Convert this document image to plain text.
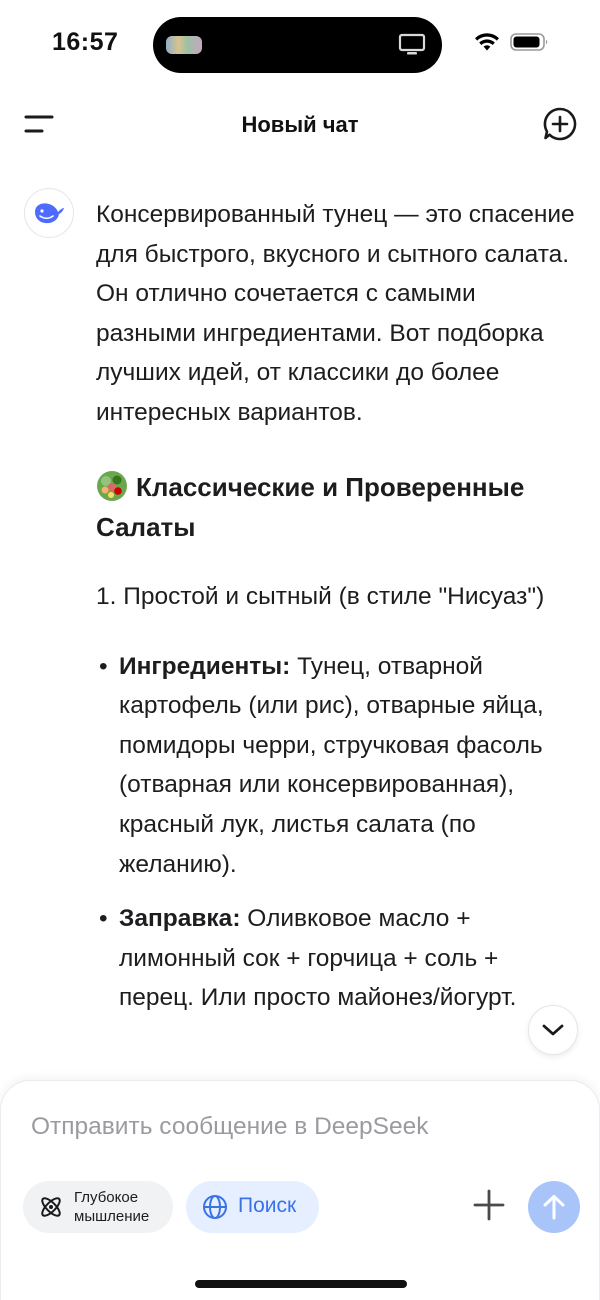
16:57
Новый чат

Консервированный тунец — это спасение для быстрого, вкусного и сытного салата. Он отлично сочетается с самыми разными ингредиентами. Вот подборка лучших идей, от классики до более интересных вариантов.

Классические и Проверенные Салаты
1. Простой и сытный (в стиле "Нисуаз")
• Ингредиенты: Тунец, отварной картофель (или рис), отварные яйца, помидоры черри, стручковая фасоль (отварная или консервированная), красный лук, листья салата (по желанию).
• Заправка: Оливковое масло + лимонный сок + горчица + соль + перец. Или просто майонез/йогурт.
Отправить сообщение в DeepSeek
Глубокое мышление	Поиск
